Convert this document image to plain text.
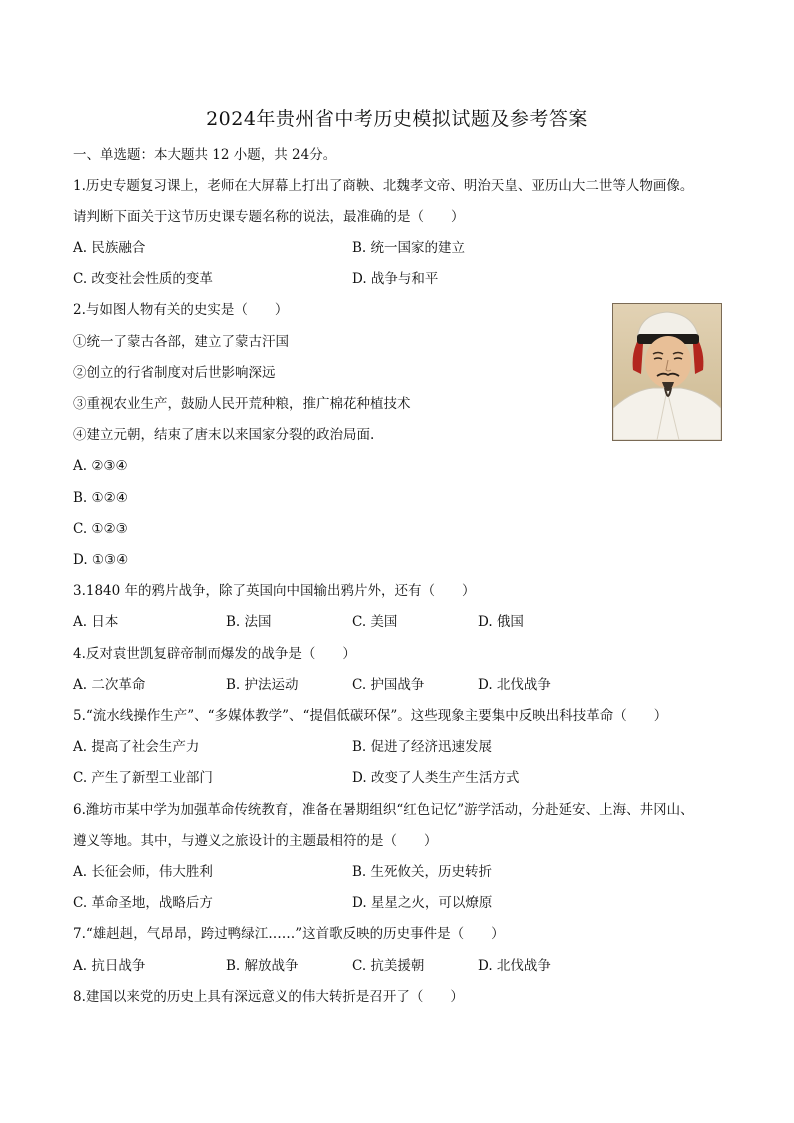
2024年贵州省中考历史模拟试题及参考答案
一、单选题：本大题共 12 小题，共 24分。
1.历史专题复习课上，老师在大屏幕上打出了商鞅、北魏孝文帝、明治天皇、亚历山大二世等人物画像。
请判断下面关于这节历史课专题名称的说法，最准确的是（　　）
A. 民族融合	B. 统一国家的建立
C. 改变社会性质的变革	D. 战争与和平
2.与如图人物有关的史实是（　　）
①统一了蒙古各部，建立了蒙古汗国
②创立的行省制度对后世影响深远
③重视农业生产，鼓励人民开荒种粮，推广棉花种植技术
④建立元朝，结束了唐末以来国家分裂的政治局面.
A. ②③④
B. ①②④
C. ①②③
D. ①③④
3.1840 年的鸦片战争，除了英国向中国输出鸦片外，还有（　　）
A. 日本	B. 法国	C. 美国	D. 俄国
4.反对袁世凯复辟帝制而爆发的战争是（　　）
A. 二次革命	B. 护法运动	C. 护国战争	D. 北伐战争
5.“流水线操作生产”、“多媒体教学”、“提倡低碳环保”。这些现象主要集中反映出科技革命（　　）
A. 提高了社会生产力	B. 促进了经济迅速发展
C. 产生了新型工业部门	D. 改变了人类生产生活方式
6.潍坊市某中学为加强革命传统教育，准备在暑期组织“红色记忆”游学活动，分赴延安、上海、井冈山、
遵义等地。其中，与遵义之旅设计的主题最相符的是（　　）
A. 长征会师，伟大胜利	B. 生死攸关，历史转折
C. 革命圣地，战略后方	D. 星星之火，可以燎原
7.“雄赳赳，气昂昂，跨过鸭绿江……”这首歌反映的历史事件是（　　）
A. 抗日战争	B. 解放战争	C. 抗美援朝	D. 北伐战争
8.建国以来党的历史上具有深远意义的伟大转折是召开了（　　）
